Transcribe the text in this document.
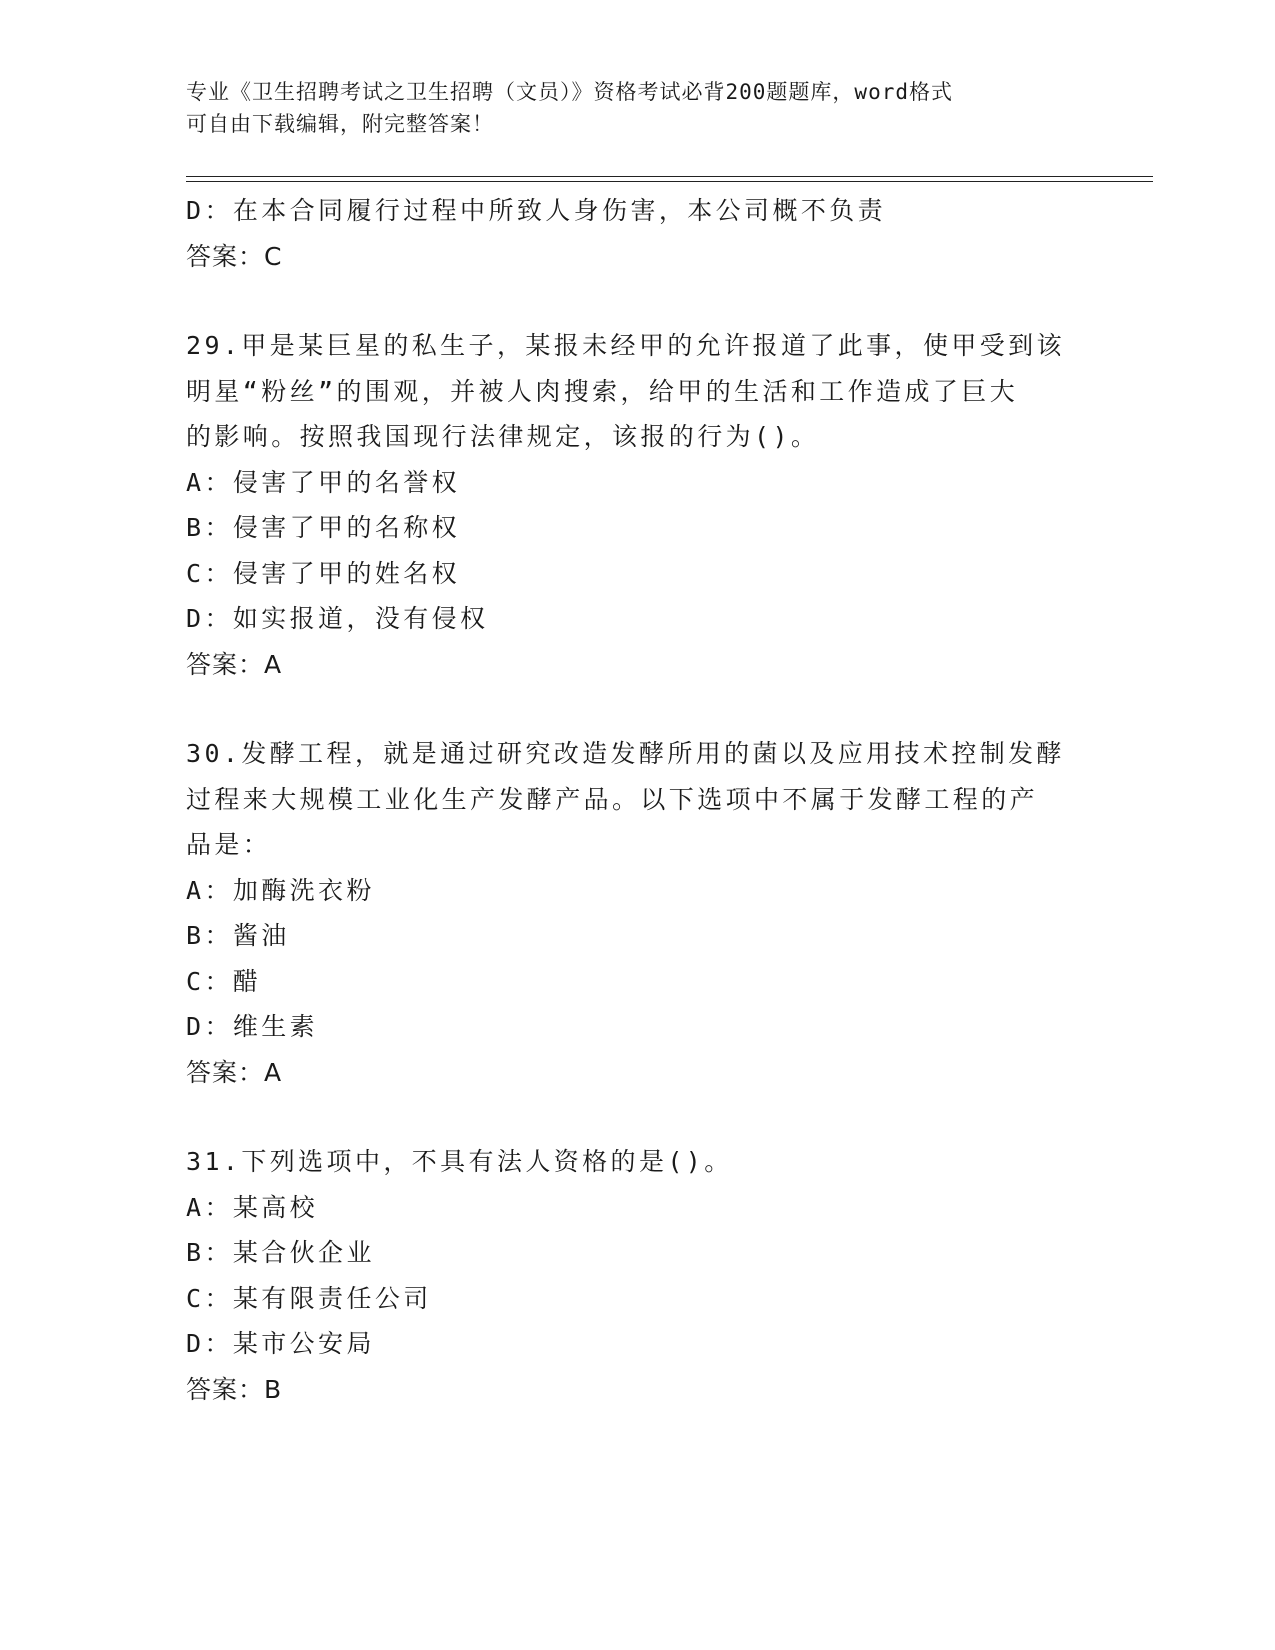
专业《卫生招聘考试之卫生招聘（文员）》资格考试必背200题题库，word格式
可自由下载编辑，附完整答案！
D：在本合同履行过程中所致人身伤害，本公司概不负责
答案：C
29.甲是某巨星的私生子，某报未经甲的允许报道了此事，使甲受到该
明星“粉丝”的围观，并被人肉搜索，给甲的生活和工作造成了巨大
的影响。按照我国现行法律规定，该报的行为()。
A：侵害了甲的名誉权
B：侵害了甲的名称权
C：侵害了甲的姓名权
D：如实报道，没有侵权
答案：A
30.发酵工程，就是通过研究改造发酵所用的菌以及应用技术控制发酵
过程来大规模工业化生产发酵产品。以下选项中不属于发酵工程的产
品是：
A：加酶洗衣粉
B：酱油
C：醋
D：维生素
答案：A
31.下列选项中，不具有法人资格的是()。
A：某高校
B：某合伙企业
C：某有限责任公司
D：某市公安局
答案：B
